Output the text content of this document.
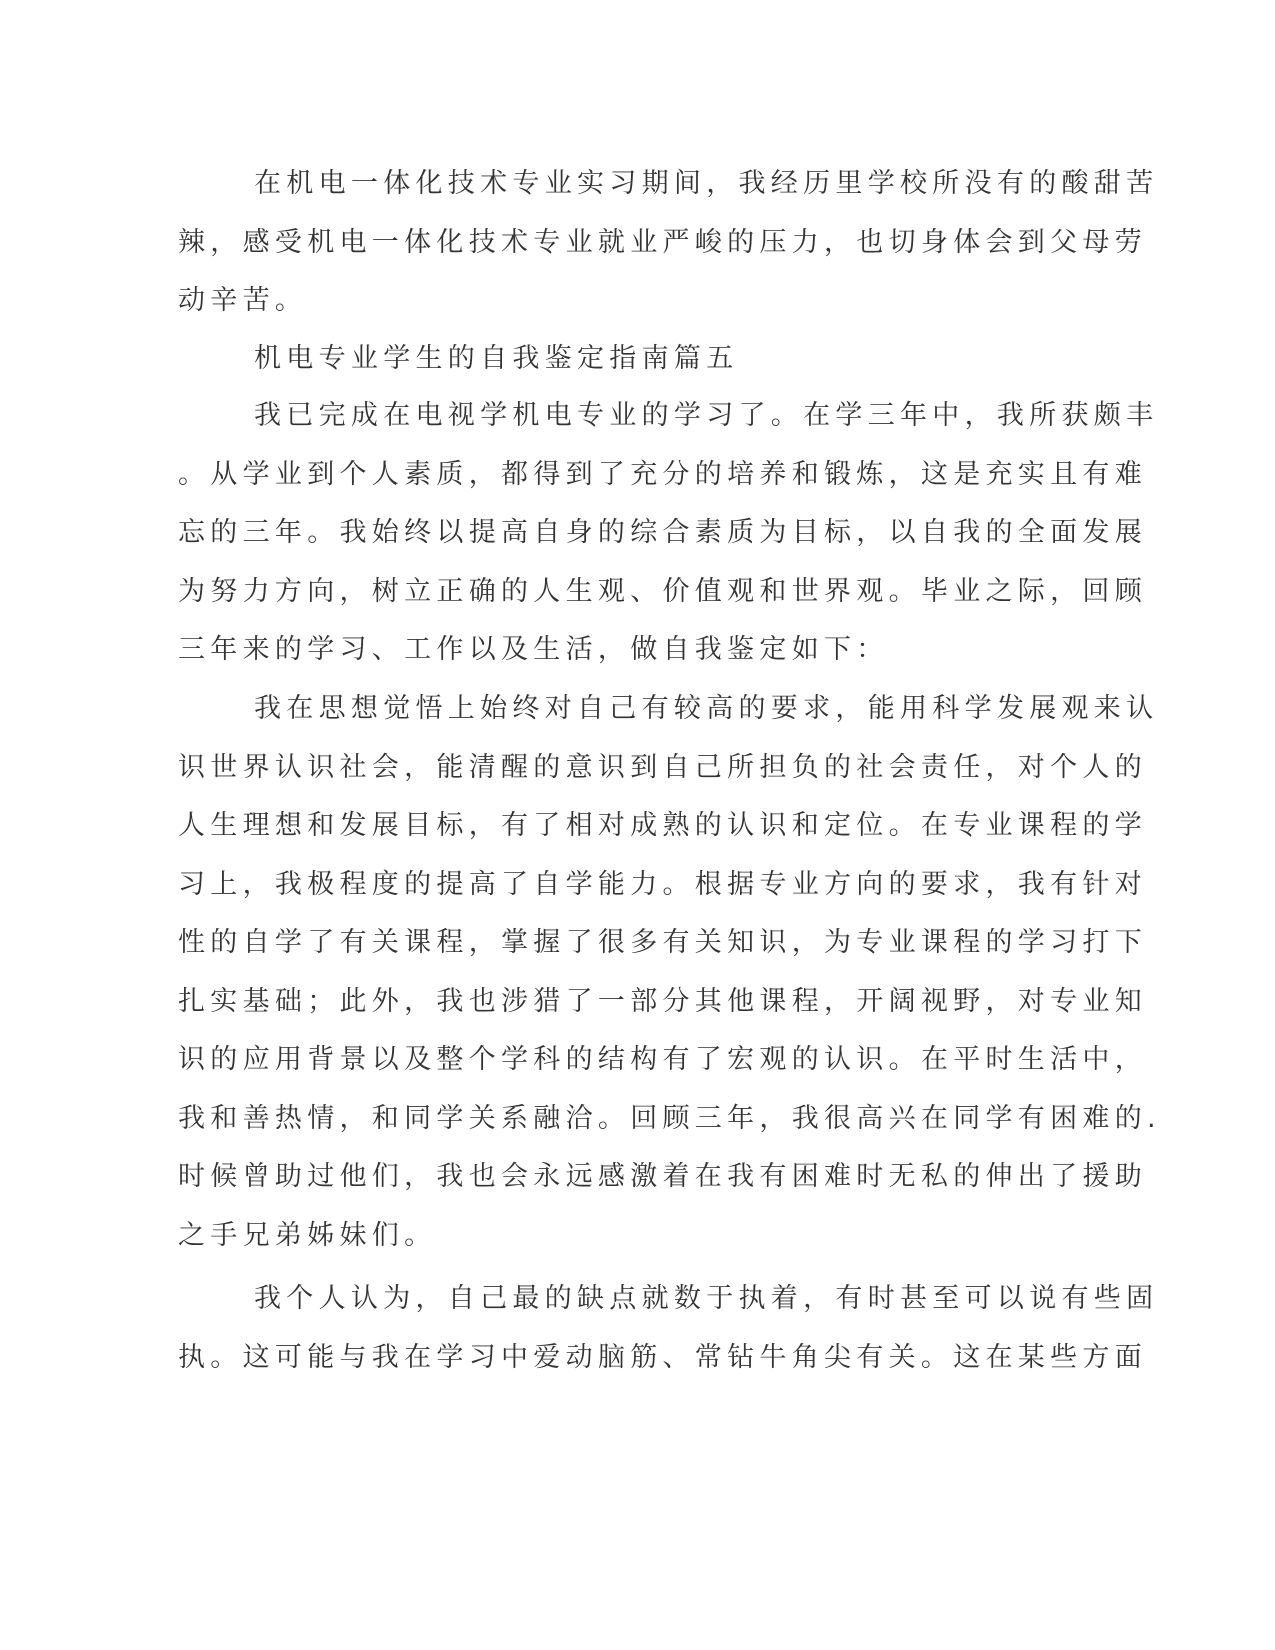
在机电一体化技术专业实习期间，我经历里学校所没有的酸甜苦
辣，感受机电一体化技术专业就业严峻的压力，也切身体会到父母劳
动辛苦。
机电专业学生的自我鉴定指南篇五
我已完成在电视学机电专业的学习了。在学三年中，我所获颇丰
。从学业到个人素质，都得到了充分的培养和锻炼，这是充实且有难
忘的三年。我始终以提高自身的综合素质为目标，以自我的全面发展
为努力方向，树立正确的人生观、价值观和世界观。毕业之际，回顾
三年来的学习、工作以及生活，做自我鉴定如下：
我在思想觉悟上始终对自己有较高的要求，能用科学发展观来认
识世界认识社会，能清醒的意识到自己所担负的社会责任，对个人的
人生理想和发展目标，有了相对成熟的认识和定位。在专业课程的学
习上，我极程度的提高了自学能力。根据专业方向的要求，我有针对
性的自学了有关课程，掌握了很多有关知识，为专业课程的学习打下
扎实基础；此外，我也涉猎了一部分其他课程，开阔视野，对专业知
识的应用背景以及整个学科的结构有了宏观的认识。在平时生活中，
我和善热情，和同学关系融洽。回顾三年，我很高兴在同学有困难的.
时候曾助过他们，我也会永远感激着在我有困难时无私的伸出了援助
之手兄弟姊妹们。
我个人认为，自己最的缺点就数于执着，有时甚至可以说有些固
执。这可能与我在学习中爱动脑筋、常钻牛角尖有关。这在某些方面
